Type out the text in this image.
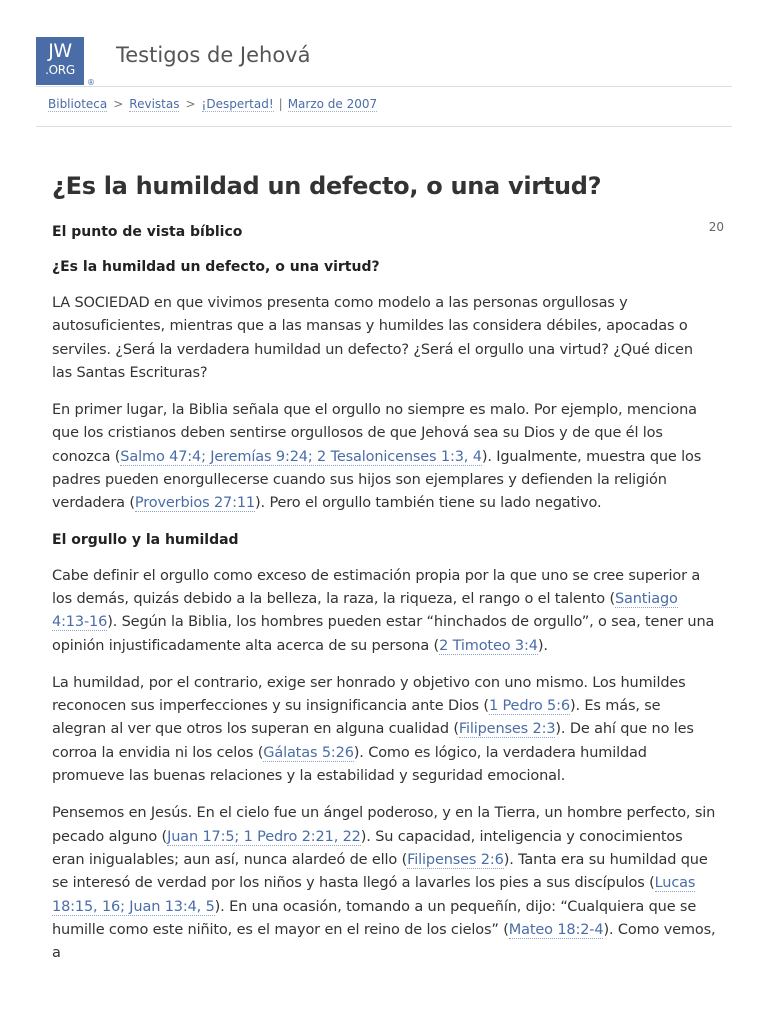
JW
.ORG
®
Testigos de Jehová
Biblioteca > Revistas > ¡Despertad! | Marzo de 2007
¿Es la humildad un defecto, o una virtud?
20
El punto de vista bíblico
¿Es la humildad un defecto, o una virtud?

LA SOCIEDAD en que vivimos presenta como modelo a las personas orgullosas y autosuficientes, mientras que a las mansas y humildes las considera débiles, apocadas o serviles. ¿Será la verdadera humildad un defecto? ¿Será el orgullo una virtud? ¿Qué dicen las Santas Escrituras?

En primer lugar, la Biblia señala que el orgullo no siempre es malo. Por ejemplo, menciona que los cristianos deben sentirse orgullosos de que Jehová sea su Dios y de que él los conozca (Salmo 47:4; Jeremías 9:24; 2 Tesalonicenses 1:3, 4). Igualmente, muestra que los padres pueden enorgullecerse cuando sus hijos son ejemplares y defienden la religión verdadera (Proverbios 27:11). Pero el orgullo también tiene su lado negativo.

El orgullo y la humildad

Cabe definir el orgullo como exceso de estimación propia por la que uno se cree superior a los demás, quizás debido a la belleza, la raza, la riqueza, el rango o el talento (Santiago 4:13-16). Según la Biblia, los hombres pueden estar “hinchados de orgullo”, o sea, tener una opinión injustificadamente alta acerca de su persona (2 Timoteo 3:4).

La humildad, por el contrario, exige ser honrado y objetivo con uno mismo. Los humildes reconocen sus imperfecciones y su insignificancia ante Dios (1 Pedro 5:6). Es más, se alegran al ver que otros los superan en alguna cualidad (Filipenses 2:3). De ahí que no les corroa la envidia ni los celos (Gálatas 5:26). Como es lógico, la verdadera humildad promueve las buenas relaciones y la estabilidad y seguridad emocional.

Pensemos en Jesús. En el cielo fue un ángel poderoso, y en la Tierra, un hombre perfecto, sin pecado alguno (Juan 17:5; 1 Pedro 2:21, 22). Su capacidad, inteligencia y conocimientos eran inigualables; aun así, nunca alardeó de ello (Filipenses 2:6). Tanta era su humildad que se interesó de verdad por los niños y hasta llegó a lavarles los pies a sus discípulos (Lucas 18:15, 16; Juan 13:4, 5). En una ocasión, tomando a un pequeñín, dijo: “Cualquiera que se humille como este niñito, es el mayor en el reino de los cielos” (Mateo 18:2-4). Como vemos, a
